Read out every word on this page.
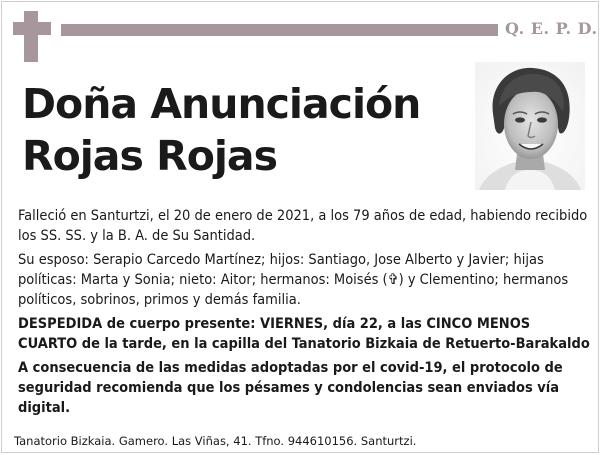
Q. E. P. D.
Doña Anunciación
Rojas Rojas

Falleció en Santurtzi, el 20 de enero de 2021, a los 79 años de edad, habiendo recibido los SS. SS. y la B. A. de Su Santidad.

Su esposo: Serapio Carcedo Martínez; hijos: Santiago, Jose Alberto y Javier; hijas políticas: Marta y Sonia; nieto: Aitor; hermanos: Moisés (✞) y Clementino; hermanos políticos, sobrinos, primos y demás familia.

DESPEDIDA de cuerpo presente: VIERNES, día 22, a las CINCO MENOS CUARTO de la tarde, en la capilla del Tanatorio Bizkaia de Retuerto-Barakaldo

A consecuencia de las medidas adoptadas por el covid-19, el protocolo de seguridad recomienda que los pésames y condolencias sean enviados vía digital.

Tanatorio Bizkaia. Gamero. Las Viñas, 41. Tfno. 944610156. Santurtzi.
